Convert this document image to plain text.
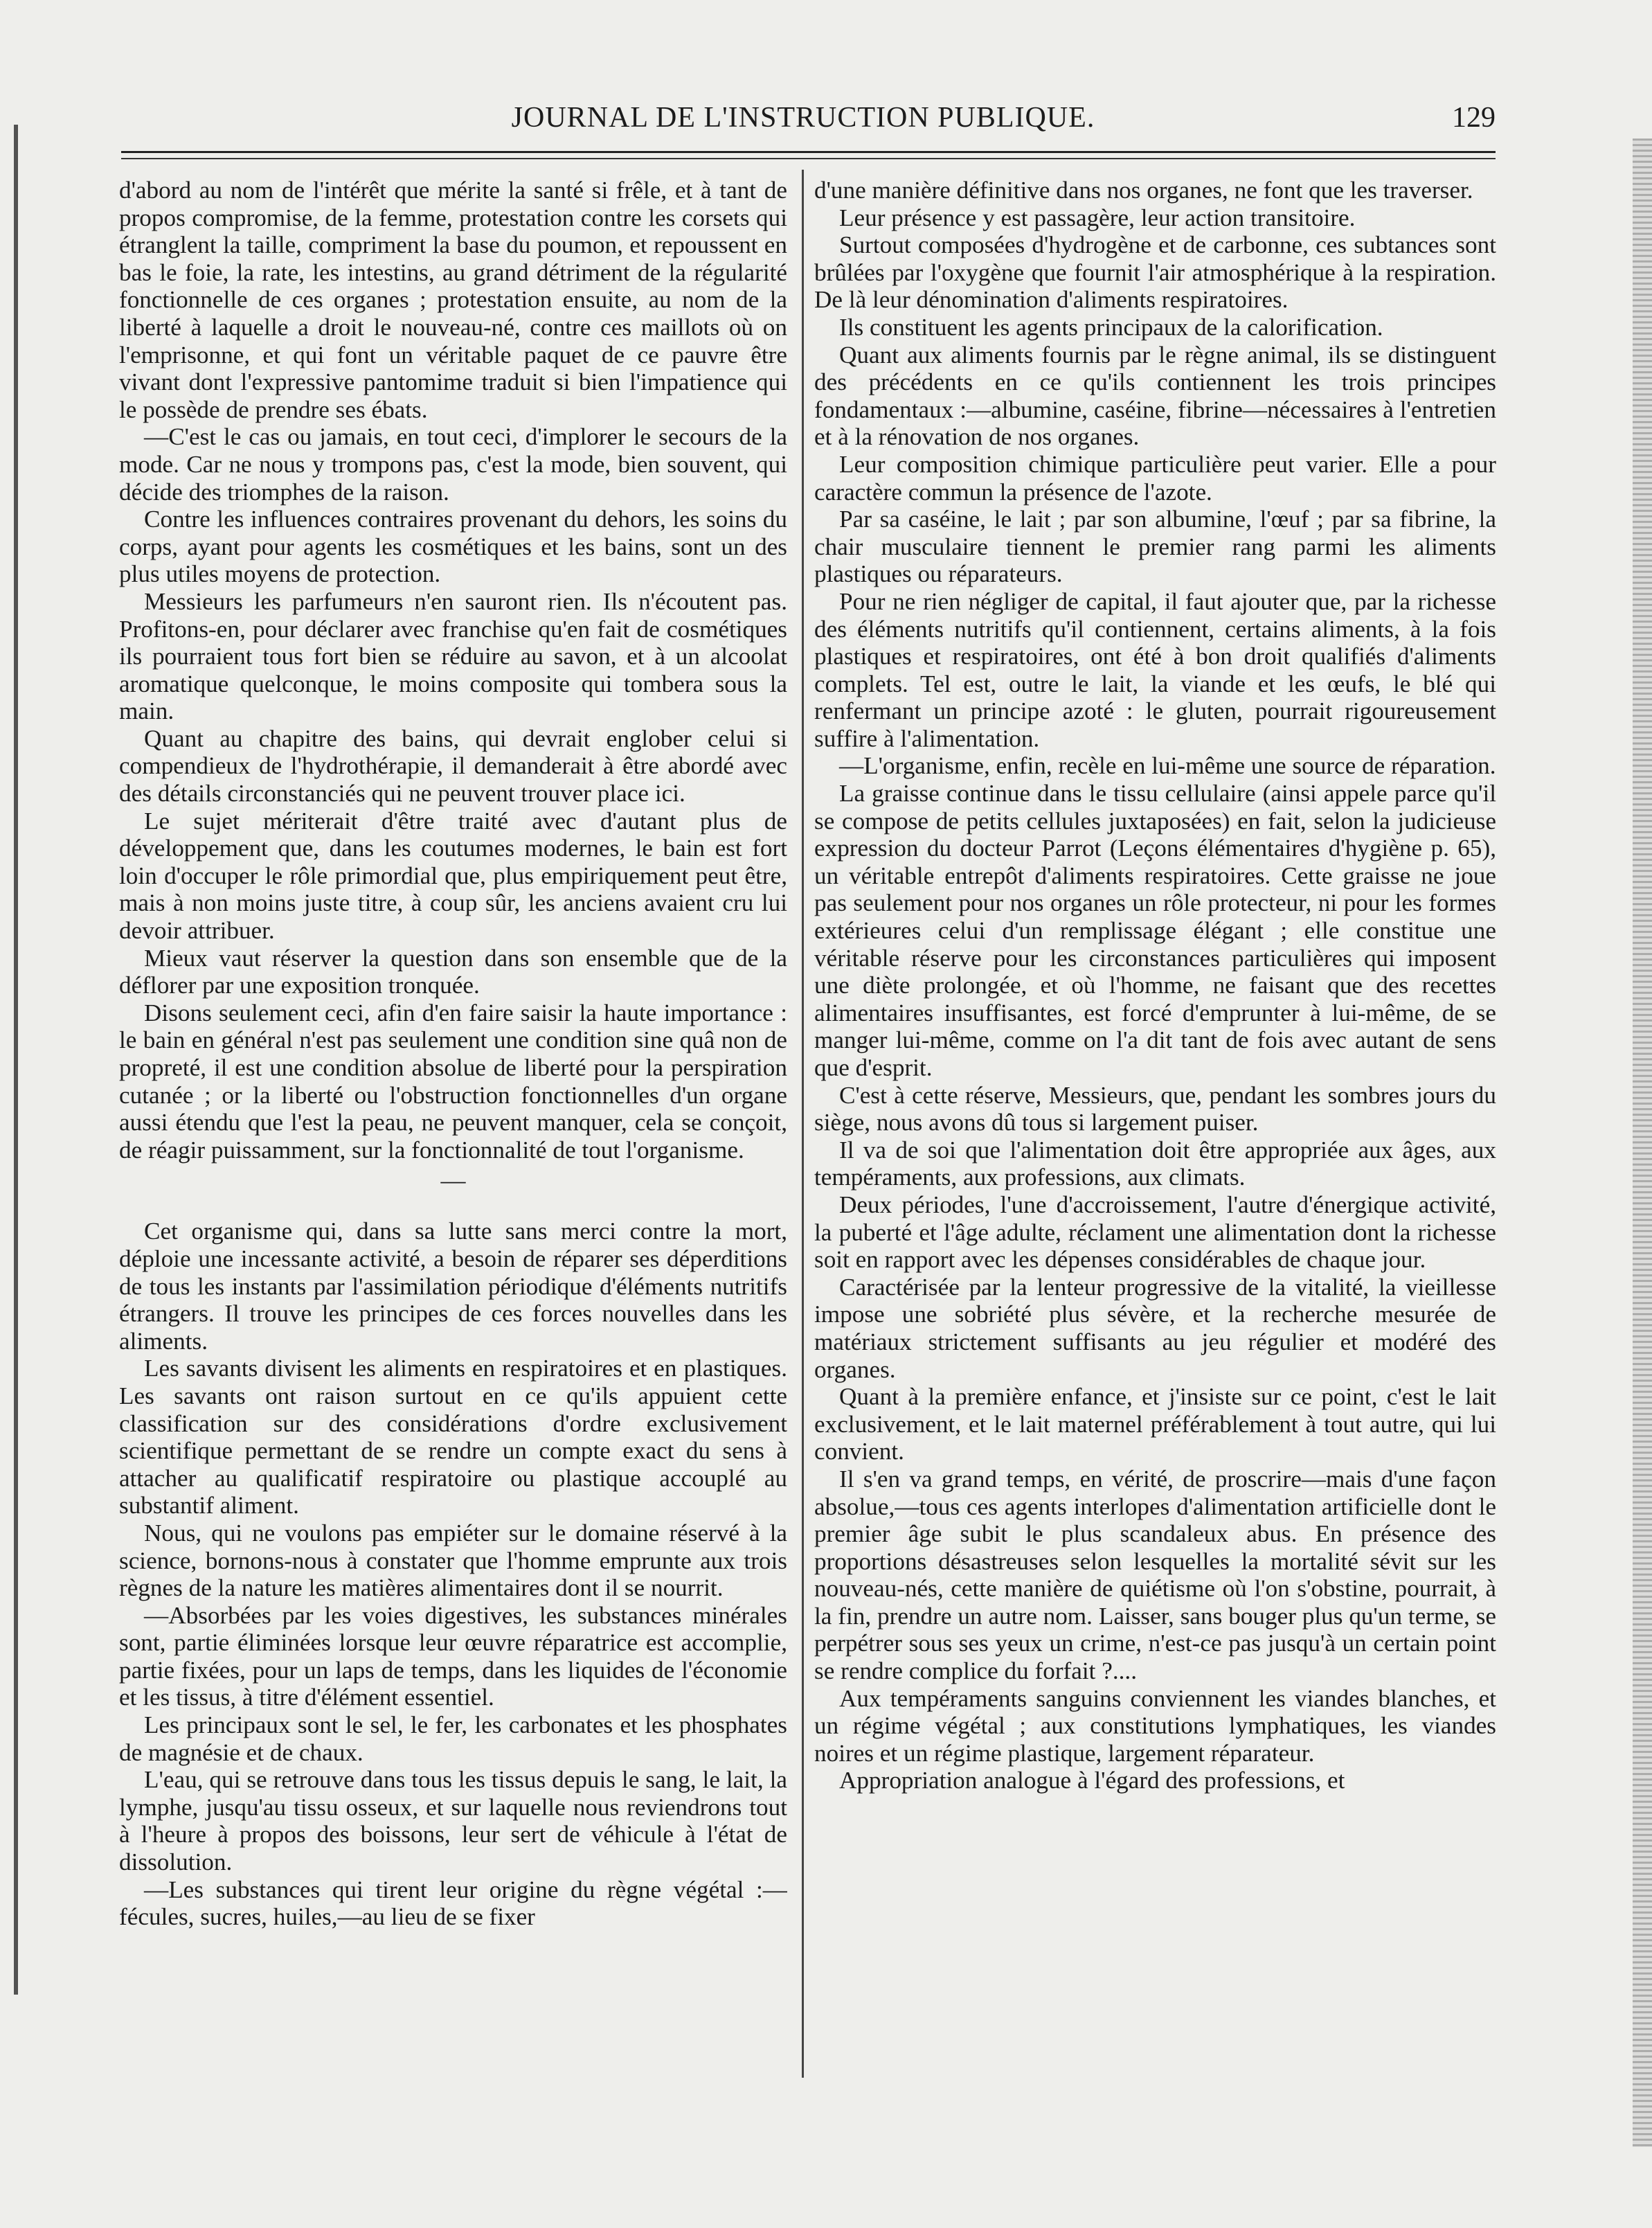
JOURNAL DE L'INSTRUCTION PUBLIQUE.	129

d'abord au nom de l'intérêt que mérite la santé si frêle, et à tant de propos compromise, de la femme, protestation contre les corsets qui étranglent la taille, compriment la base du poumon, et repoussent en bas le foie, la rate, les intestins, au grand détriment de la régularité fonctionnelle de ces organes ; protestation ensuite, au nom de la liberté à laquelle a droit le nouveau-né, contre ces maillots où on l'emprisonne, et qui font un véritable paquet de ce pauvre être vivant dont l'expressive pantomime traduit si bien l'impatience qui le possède de prendre ses ébats.

—C'est le cas ou jamais, en tout ceci, d'implorer le secours de la mode. Car ne nous y trompons pas, c'est la mode, bien souvent, qui décide des triomphes de la raison.

Contre les influences contraires provenant du dehors, les soins du corps, ayant pour agents les cosmétiques et les bains, sont un des plus utiles moyens de protection.

Messieurs les parfumeurs n'en sauront rien. Ils n'écoutent pas. Profitons-en, pour déclarer avec franchise qu'en fait de cosmétiques ils pourraient tous fort bien se réduire au savon, et à un alcoolat aromatique quelconque, le moins composite qui tombera sous la main.

Quant au chapitre des bains, qui devrait englober celui si compendieux de l'hydrothérapie, il demanderait à être abordé avec des détails circonstanciés qui ne peuvent trouver place ici.

Le sujet mériterait d'être traité avec d'autant plus de développement que, dans les coutumes modernes, le bain est fort loin d'occuper le rôle primordial que, plus empiriquement peut être, mais à non moins juste titre, à coup sûr, les anciens avaient cru lui devoir attribuer.

Mieux vaut réserver la question dans son ensemble que de la déflorer par une exposition tronquée.

Disons seulement ceci, afin d'en faire saisir la haute importance : le bain en général n'est pas seulement une condition sine quâ non de propreté, il est une condition absolue de liberté pour la perspiration cutanée ; or la liberté ou l'obstruction fonctionnelles d'un organe aussi étendu que l'est la peau, ne peuvent manquer, cela se conçoit, de réagir puissamment, sur la fonctionnalité de tout l'organisme.

—

Cet organisme qui, dans sa lutte sans merci contre la mort, déploie une incessante activité, a besoin de réparer ses déperditions de tous les instants par l'assimilation périodique d'éléments nutritifs étrangers. Il trouve les principes de ces forces nouvelles dans les aliments.

Les savants divisent les aliments en respiratoires et en plastiques. Les savants ont raison surtout en ce qu'ils appuient cette classification sur des considérations d'ordre exclusivement scientifique permettant de se rendre un compte exact du sens à attacher au qualificatif respiratoire ou plastique accouplé au substantif aliment.

Nous, qui ne voulons pas empiéter sur le domaine réservé à la science, bornons-nous à constater que l'homme emprunte aux trois règnes de la nature les matières alimentaires dont il se nourrit.

—Absorbées par les voies digestives, les substances minérales sont, partie éliminées lorsque leur œuvre réparatrice est accomplie, partie fixées, pour un laps de temps, dans les liquides de l'économie et les tissus, à titre d'élément essentiel.

Les principaux sont le sel, le fer, les carbonates et les phosphates de magnésie et de chaux.

L'eau, qui se retrouve dans tous les tissus depuis le sang, le lait, la lymphe, jusqu'au tissu osseux, et sur laquelle nous reviendrons tout à l'heure à propos des boissons, leur sert de véhicule à l'état de dissolution.

—Les substances qui tirent leur origine du règne végétal :—fécules, sucres, huiles,—au lieu de se fixer

d'une manière définitive dans nos organes, ne font que les traverser.

Leur présence y est passagère, leur action transitoire.

Surtout composées d'hydrogène et de carbonne, ces subtances sont brûlées par l'oxygène que fournit l'air atmosphérique à la respiration. De là leur dénomination d'aliments respiratoires.

Ils constituent les agents principaux de la calorification.

Quant aux aliments fournis par le règne animal, ils se distinguent des précédents en ce qu'ils contiennent les trois principes fondamentaux :—albumine, caséine, fibrine—nécessaires à l'entretien et à la rénovation de nos organes.

Leur composition chimique particulière peut varier. Elle a pour caractère commun la présence de l'azote.

Par sa caséine, le lait ; par son albumine, l'œuf ; par sa fibrine, la chair musculaire tiennent le premier rang parmi les aliments plastiques ou réparateurs.

Pour ne rien négliger de capital, il faut ajouter que, par la richesse des éléments nutritifs qu'il contiennent, certains aliments, à la fois plastiques et respiratoires, ont été à bon droit qualifiés d'aliments complets. Tel est, outre le lait, la viande et les œufs, le blé qui renfermant un principe azoté : le gluten, pourrait rigoureusement suffire à l'alimentation.

—L'organisme, enfin, recèle en lui-même une source de réparation.

La graisse continue dans le tissu cellulaire (ainsi appele parce qu'il se compose de petits cellules juxtaposées) en fait, selon la judicieuse expression du docteur Parrot (Leçons élémentaires d'hygiène p. 65), un véritable entrepôt d'aliments respiratoires. Cette graisse ne joue pas seulement pour nos organes un rôle protecteur, ni pour les formes extérieures celui d'un remplissage élégant ; elle constitue une véritable réserve pour les circonstances particulières qui imposent une diète prolongée, et où l'homme, ne faisant que des recettes alimentaires insuffisantes, est forcé d'emprunter à lui-même, de se manger lui-même, comme on l'a dit tant de fois avec autant de sens que d'esprit.

C'est à cette réserve, Messieurs, que, pendant les sombres jours du siège, nous avons dû tous si largement puiser.

Il va de soi que l'alimentation doit être appropriée aux âges, aux tempéraments, aux professions, aux climats.

Deux périodes, l'une d'accroissement, l'autre d'énergique activité, la puberté et l'âge adulte, réclament une alimentation dont la richesse soit en rapport avec les dépenses considérables de chaque jour.

Caractérisée par la lenteur progressive de la vitalité, la vieillesse impose une sobriété plus sévère, et la recherche mesurée de matériaux strictement suffisants au jeu régulier et modéré des organes.

Quant à la première enfance, et j'insiste sur ce point, c'est le lait exclusivement, et le lait maternel préférablement à tout autre, qui lui convient.

Il s'en va grand temps, en vérité, de proscrire—mais d'une façon absolue,—tous ces agents interlopes d'alimentation artificielle dont le premier âge subit le plus scandaleux abus. En présence des proportions désastreuses selon lesquelles la mortalité sévit sur les nouveau-nés, cette manière de quiétisme où l'on s'obstine, pourrait, à la fin, prendre un autre nom. Laisser, sans bouger plus qu'un terme, se perpétrer sous ses yeux un crime, n'est-ce pas jusqu'à un certain point se rendre complice du forfait ?....

Aux tempéraments sanguins conviennent les viandes blanches, et un régime végétal ; aux constitutions lymphatiques, les viandes noires et un régime plastique, largement réparateur.

Appropriation analogue à l'égard des professions, et
